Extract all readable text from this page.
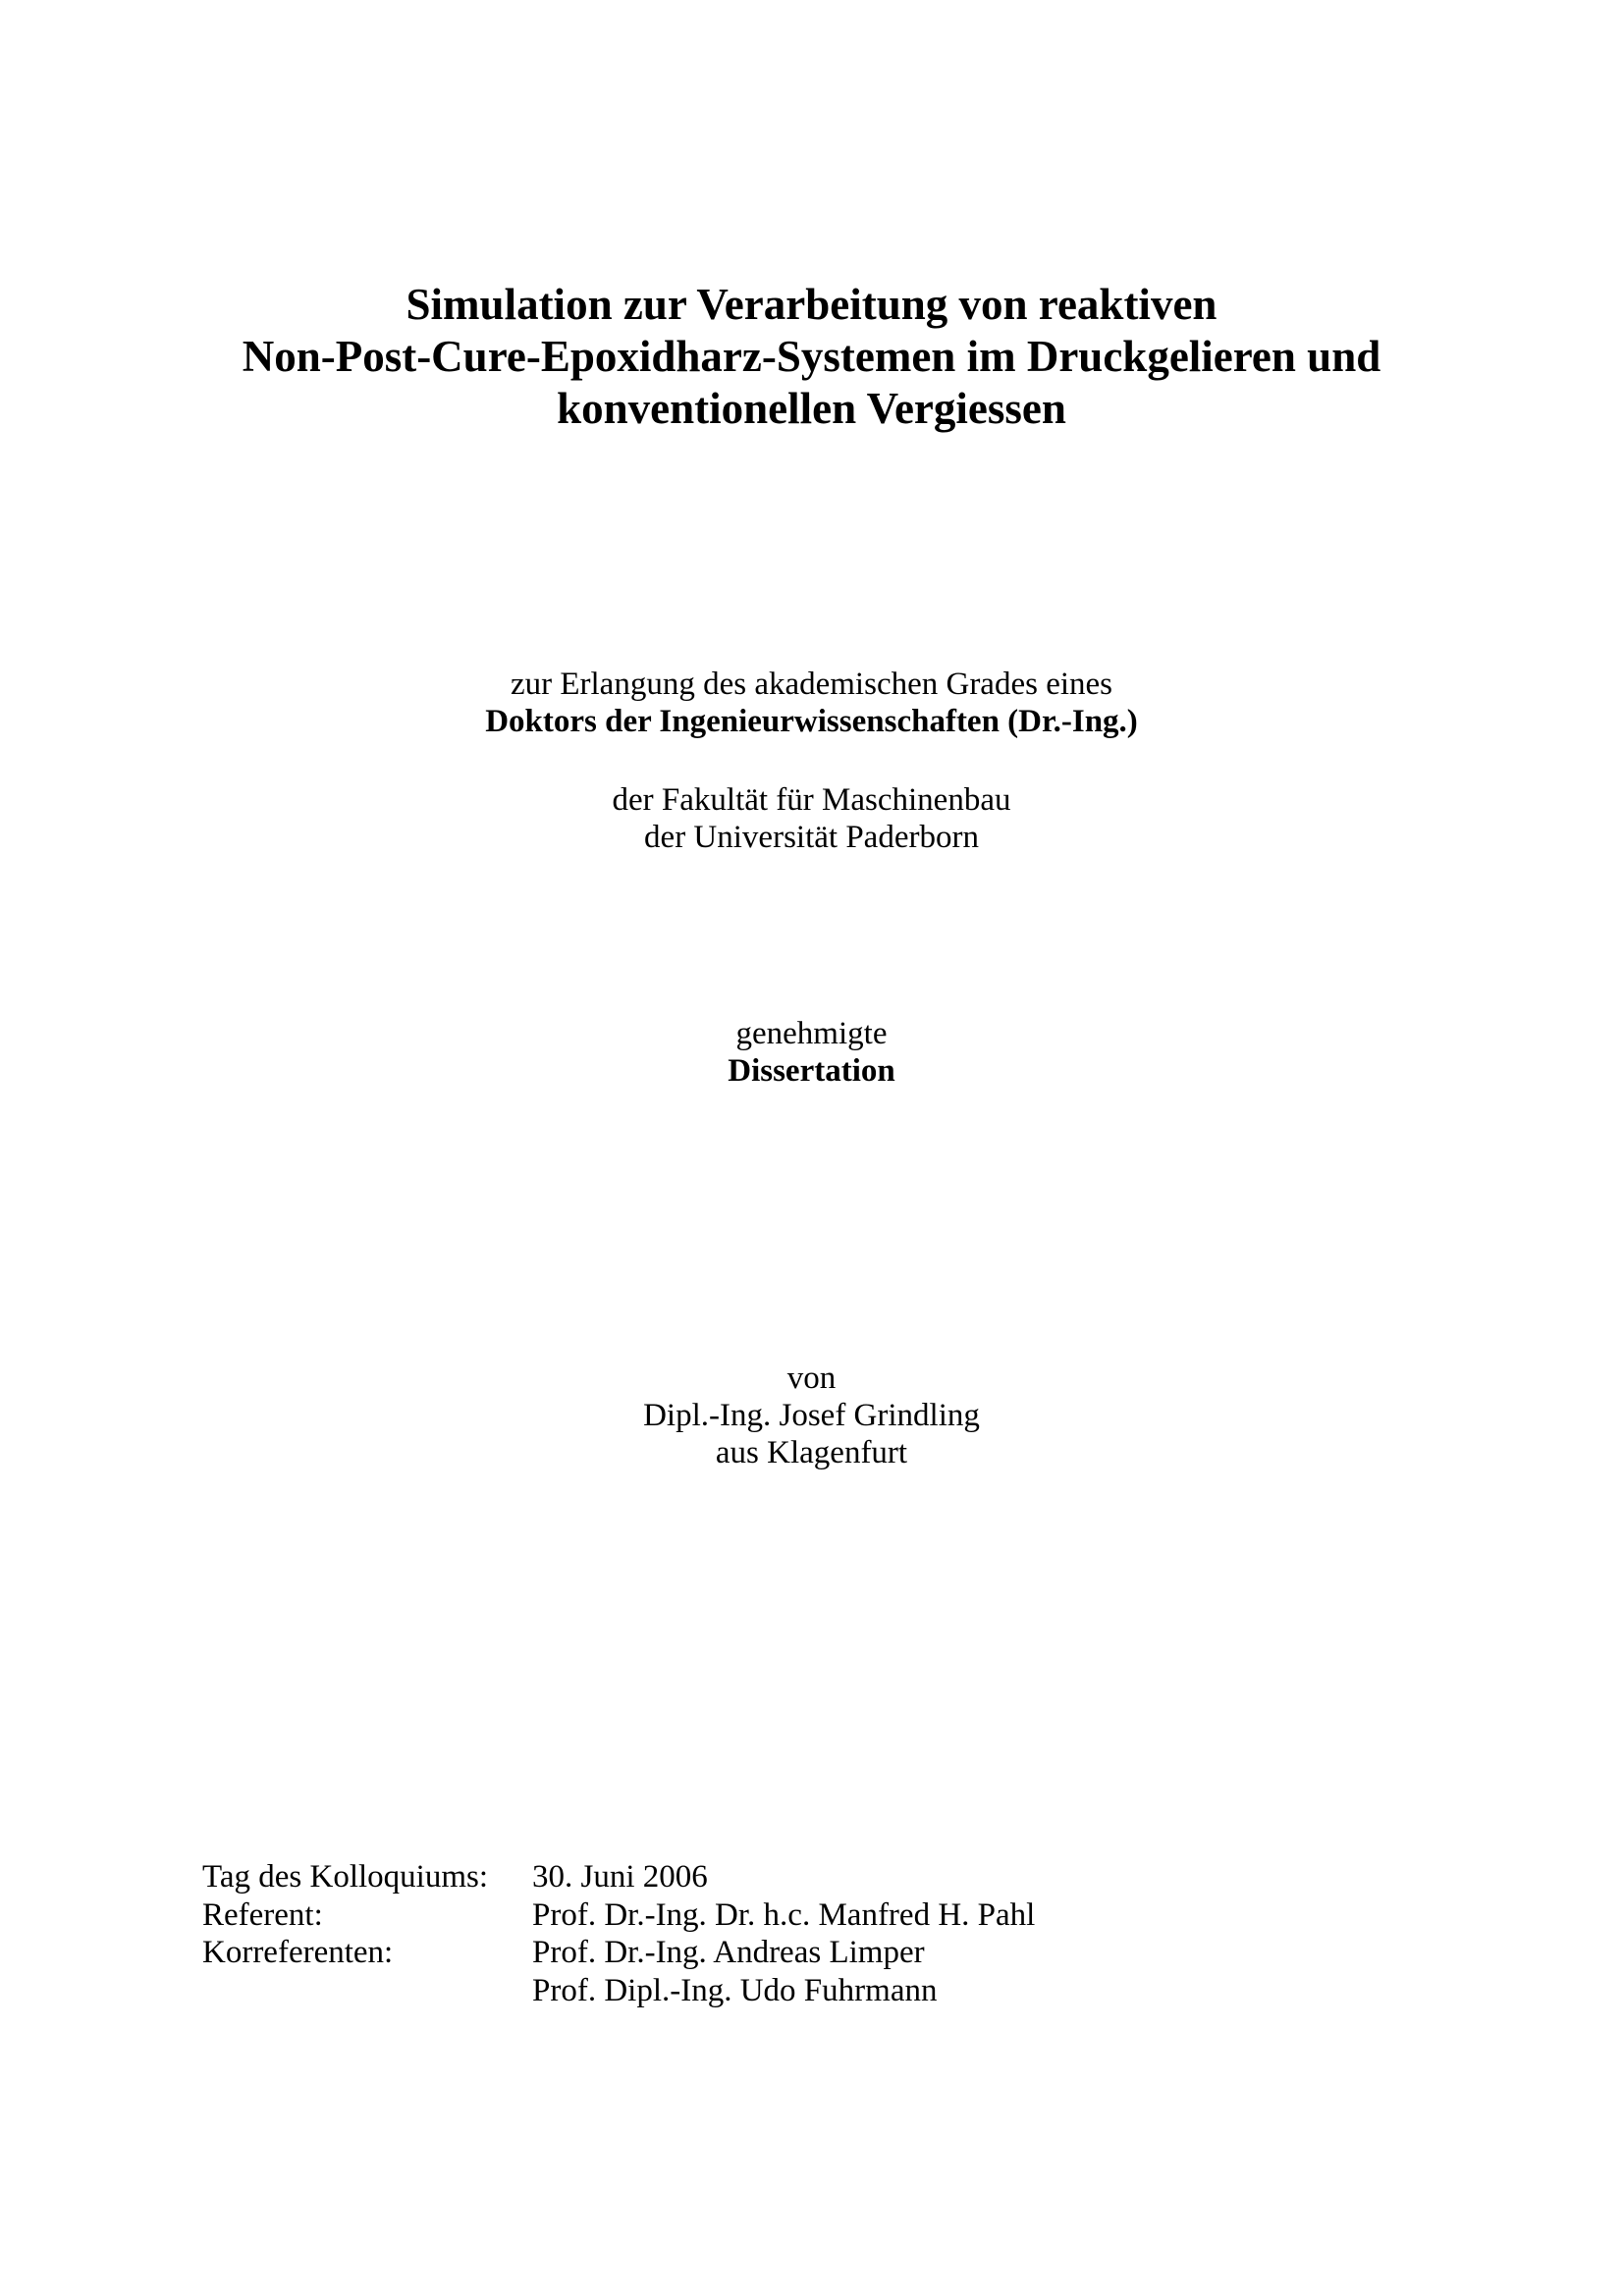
Simulation zur Verarbeitung von reaktiven
Non-Post-Cure-Epoxidharz-Systemen im Druckgelieren und
konventionellen Vergiessen
zur Erlangung des akademischen Grades eines
Doktors der Ingenieurwissenschaften (Dr.-Ing.)
der Fakultät für Maschinenbau
der Universität Paderborn
genehmigte
Dissertation
von
Dipl.-Ing. Josef Grindling
aus Klagenfurt
Tag des Kolloquiums:	30. Juni 2006
Referent:	Prof. Dr.-Ing. Dr. h.c. Manfred H. Pahl
Korreferenten:	Prof. Dr.-Ing. Andreas Limper
Prof. Dipl.-Ing. Udo Fuhrmann
